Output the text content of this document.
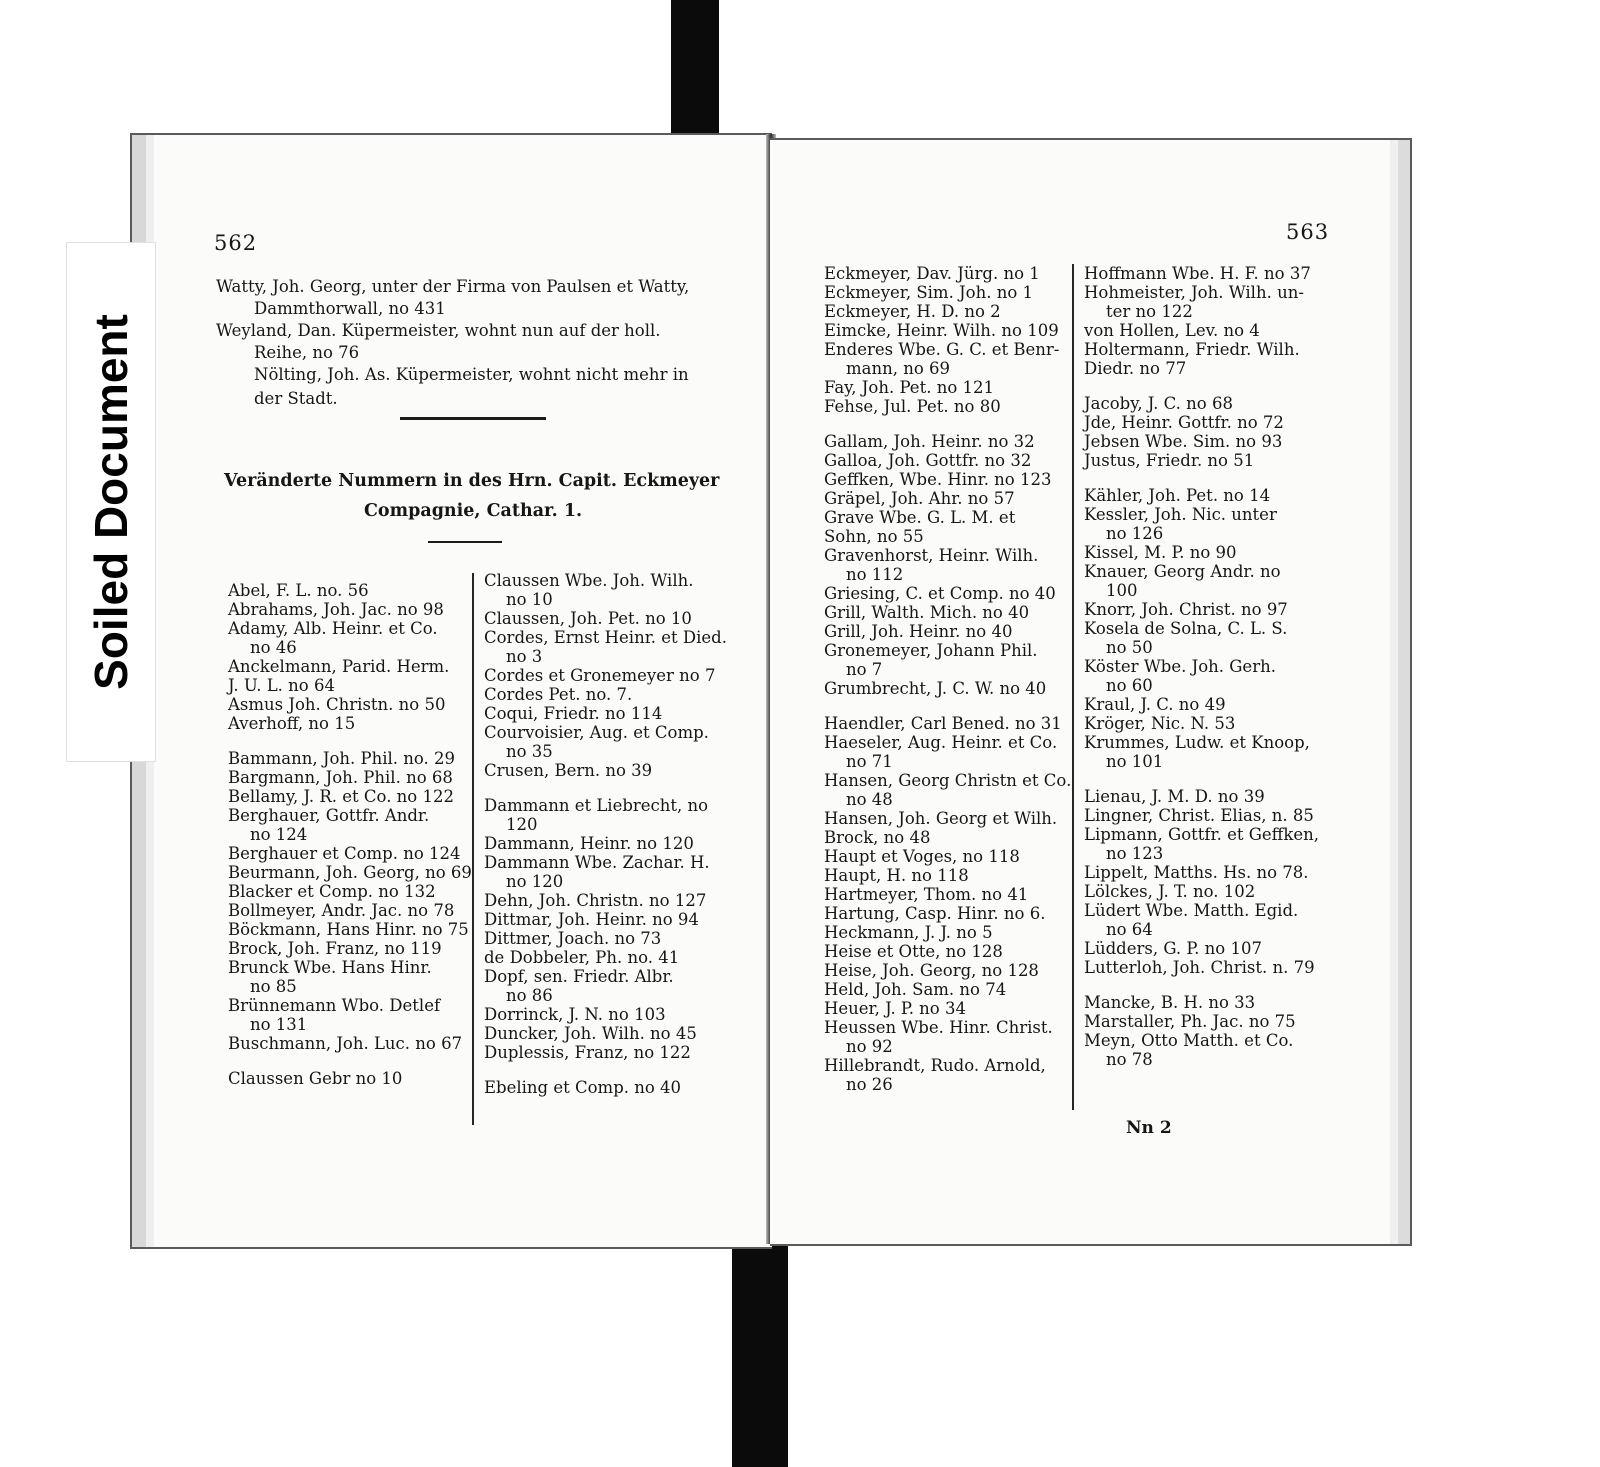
562
Watty, Joh. Georg, unter der Firma von Paulsen et Watty,
Dammthorwall, no 431
Weyland, Dan. Küpermeister, wohnt nun auf der holl.
Reihe, no 76
Nölting, Joh. As. Küpermeister, wohnt nicht mehr in
der Stadt.
Veränderte Nummern in des Hrn. Capit. Eckmeyer
Compagnie, Cathar. 1.
Abel, F. L. no. 56
Abrahams, Joh. Jac. no 98
Adamy, Alb. Heinr. et Co.
no 46
Anckelmann, Parid. Herm.
J. U. L. no 64
Asmus Joh. Christn. no 50
Averhoff, no 15
Bammann, Joh. Phil. no. 29
Bargmann, Joh. Phil. no 68
Bellamy, J. R. et Co. no 122
Berghauer, Gottfr. Andr.
no 124
Berghauer et Comp. no 124
Beurmann, Joh. Georg, no 69
Blacker et Comp. no 132
Bollmeyer, Andr. Jac. no 78
Böckmann, Hans Hinr. no 75
Brock, Joh. Franz, no 119
Brunck Wbe. Hans Hinr.
no 85
Brünnemann Wbo. Detlef
no 131
Buschmann, Joh. Luc. no 67
Claussen Gebr no 10
Claussen Wbe. Joh. Wilh.
no 10
Claussen, Joh. Pet. no 10
Cordes, Ernst Heinr. et Died.
no 3
Cordes et Gronemeyer no 7
Cordes Pet. no. 7.
Coqui, Friedr. no 114
Courvoisier, Aug. et Comp.
no 35
Crusen, Bern. no 39
Dammann et Liebrecht, no
120
Dammann, Heinr. no 120
Dammann Wbe. Zachar. H.
no 120
Dehn, Joh. Christn. no 127
Dittmar, Joh. Heinr. no 94
Dittmer, Joach. no 73
de Dobbeler, Ph. no. 41
Dopf, sen. Friedr. Albr.
no 86
Dorrinck, J. N. no 103
Duncker, Joh. Wilh. no 45
Duplessis, Franz, no 122
Ebeling et Comp. no 40
563
Eckmeyer, Dav. Jürg. no 1
Eckmeyer, Sim. Joh. no 1
Eckmeyer, H. D. no 2
Eimcke, Heinr. Wilh. no 109
Enderes Wbe. G. C. et Benr-
mann, no 69
Fay, Joh. Pet. no 121
Fehse, Jul. Pet. no 80
Gallam, Joh. Heinr. no 32
Galloa, Joh. Gottfr. no 32
Geffken, Wbe. Hinr. no 123
Gräpel, Joh. Ahr. no 57
Grave Wbe. G. L. M. et
Sohn, no 55
Gravenhorst, Heinr. Wilh.
no 112
Griesing, C. et Comp. no 40
Grill, Walth. Mich. no 40
Grill, Joh. Heinr. no 40
Gronemeyer, Johann Phil.
no 7
Grumbrecht, J. C. W. no 40
Haendler, Carl Bened. no 31
Haeseler, Aug. Heinr. et Co.
no 71
Hansen, Georg Christn et Co.
no 48
Hansen, Joh. Georg et Wilh.
Brock, no 48
Haupt et Voges, no 118
Haupt, H. no 118
Hartmeyer, Thom. no 41
Hartung, Casp. Hinr. no 6.
Heckmann, J. J. no 5
Heise et Otte, no 128
Heise, Joh. Georg, no 128
Held, Joh. Sam. no 74
Heuer, J. P. no 34
Heussen Wbe. Hinr. Christ.
no 92
Hillebrandt, Rudo. Arnold,
no 26
Hoffmann Wbe. H. F. no 37
Hohmeister, Joh. Wilh. un-
ter no 122
von Hollen, Lev. no 4
Holtermann, Friedr. Wilh.
Diedr. no 77
Jacoby, J. C. no 68
Jde, Heinr. Gottfr. no 72
Jebsen Wbe. Sim. no 93
Justus, Friedr. no 51
Kähler, Joh. Pet. no 14
Kessler, Joh. Nic. unter
no 126
Kissel, M. P. no 90
Knauer, Georg Andr. no
100
Knorr, Joh. Christ. no 97
Kosela de Solna, C. L. S.
no 50
Köster Wbe. Joh. Gerh.
no 60
Kraul, J. C. no 49
Kröger, Nic. N. 53
Krummes, Ludw. et Knoop,
no 101
Lienau, J. M. D. no 39
Lingner, Christ. Elias, n. 85
Lipmann, Gottfr. et Geffken,
no 123
Lippelt, Matths. Hs. no 78.
Lölckes, J. T. no. 102
Lüdert Wbe. Matth. Egid.
no 64
Lüdders, G. P. no 107
Lutterloh, Joh. Christ. n. 79
Mancke, B. H. no 33
Marstaller, Ph. Jac. no 75
Meyn, Otto Matth. et Co.
no 78
Nn 2
Soiled Document
